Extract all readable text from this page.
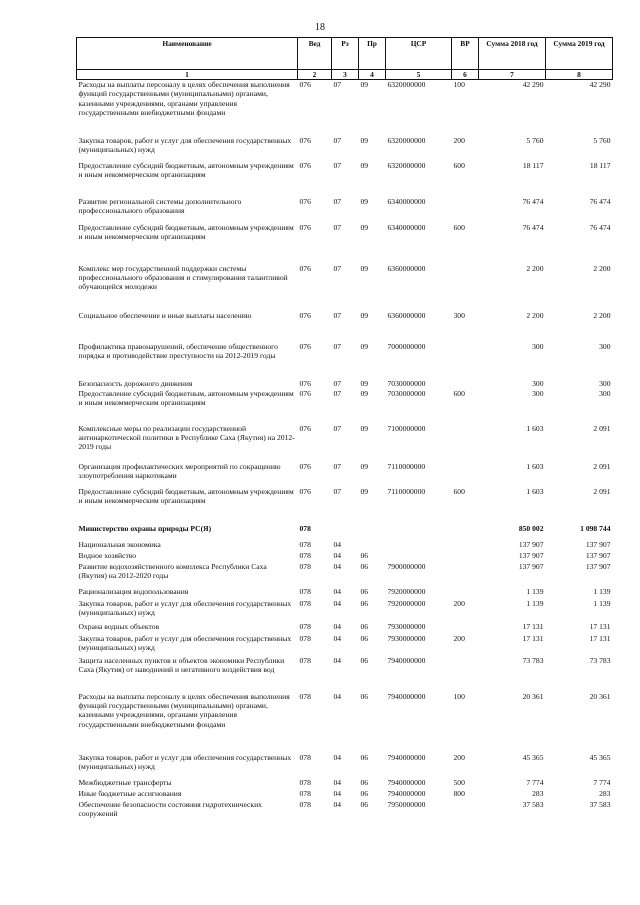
18
Наименование	Вед	Рз	Пр	ЦСР	ВР	Сумма 2018 год	Сумма 2019 год
1	2	3	4	5	6	7	8
Расходы на выплаты персоналу в целях обеспечения выполнения функций государственными (муниципальными) органами, казенными учреждениями, органами управления государственными внебюджетными фондами	076	07	09	6320000000	100	42 290	42 290
Закупка товаров, работ и услуг для обеспечения государственных (муниципальных) нужд	076	07	09	6320000000	200	5 760	5 760
Предоставление субсидий бюджетным, автономным учреждениям и иным некоммерческим организациям	076	07	09	6320000000	600	18 117	18 117
Развитие региональной системы дополнительного профессионального образования	076	07	09	6340000000		76 474	76 474
Предоставление субсидий бюджетным, автономным учреждениям и иным некоммерческим организациям	076	07	09	6340000000	600	76 474	76 474
Комплекс мер государственной поддержки системы профессионального образования и стимулирования талантливой обучающейся молодежи	076	07	09	6360000000		2 200	2 200
Социальное обеспечение и иные выплаты населению	076	07	09	6360000000	300	2 200	2 200
Профилактика правонарушений, обеспечение общественного порядка и противодействие преступности на 2012-2019 годы	076	07	09	7000000000		300	300
Безопасность дорожного движения	076	07	09	7030000000		300	300
Предоставление субсидий бюджетным, автономным учреждениям и иным некоммерческим организациям	076	07	09	7030000000	600	300	300
Комплексные меры по реализации государственной антинаркотической политики в Республике Саха (Якутия) на 2012-2019 годы	076	07	09	7100000000		1 603	2 091
Организация профилактических мероприятий по сокращению злоупотребления наркотиками	076	07	09	7110000000		1 603	2 091
Предоставление субсидий бюджетным, автономным учреждениям и иным некоммерческим организациям	076	07	09	7110000000	600	1 603	2 091
Министерство охраны природы РС(Я)	078					850 002	1 098 744
Национальная экономика	078	04				137 907	137 907
Водное хозяйство	078	04	06			137 907	137 907
Развитие водохозяйственного комплекса Республики Саха (Якутия) на 2012-2020 годы	078	04	06	7900000000		137 907	137 907
Рационализация водопользования	078	04	06	7920000000		1 139	1 139
Закупка товаров, работ и услуг для обеспечения государственных (муниципальных) нужд	078	04	06	7920000000	200	1 139	1 139
Охрана водных объектов	078	04	06	7930000000		17 131	17 131
Закупка товаров, работ и услуг для обеспечения государственных (муниципальных) нужд	078	04	06	7930000000	200	17 131	17 131
Защита населенных пунктов и объектов экономики Республики Саха (Якутия) от наводнений и негативного воздействия вод	078	04	06	7940000000		73 783	73 783
Расходы на выплаты персоналу в целях обеспечения выполнения функций государственными (муниципальными) органами, казенными учреждениями, органами управления государственными внебюджетными фондами	078	04	06	7940000000	100	20 361	20 361
Закупка товаров, работ и услуг для обеспечения государственных (муниципальных) нужд	078	04	06	7940000000	200	45 365	45 365
Межбюджетные трансферты	078	04	06	7940000000	500	7 774	7 774
Иные бюджетные ассигнования	078	04	06	7940000000	800	283	283
Обеспечение безопасности состояния гидротехнических сооружений	078	04	06	7950000000		37 583	37 583
